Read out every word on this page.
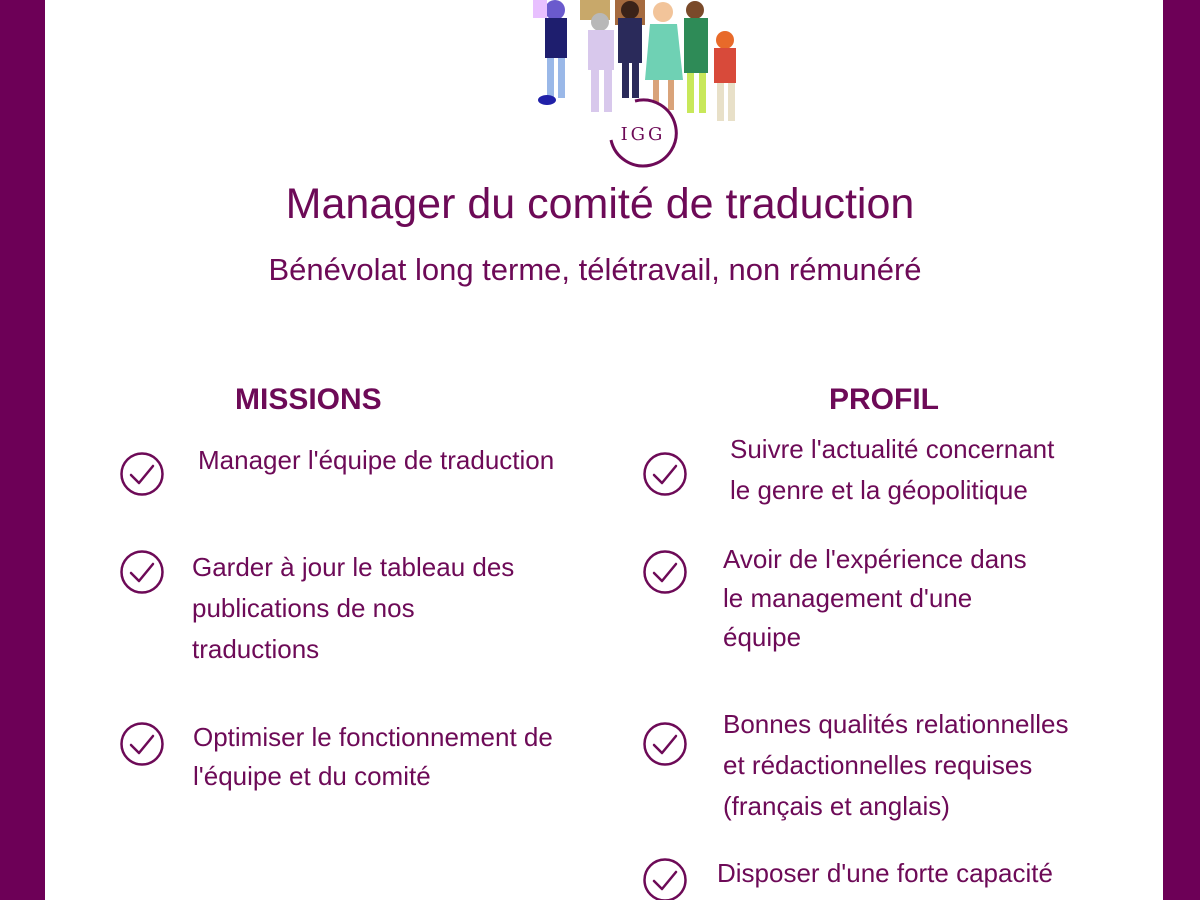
IGG
Manager du comité de traduction
Bénévolat long terme, télétravail, non rémunéré
MISSIONS	PROFIL
Manager l'équipe de traduction
Garder à jour le tableau des
publications de nos
traductions
Optimiser le fonctionnement de
l'équipe et du comité
Suivre l'actualité concernant
le genre et la géopolitique
Avoir de l'expérience dans
le management d'une
équipe
Bonnes qualités relationnelles
et rédactionnelles requises
(français et anglais)
Disposer d'une forte capacité
